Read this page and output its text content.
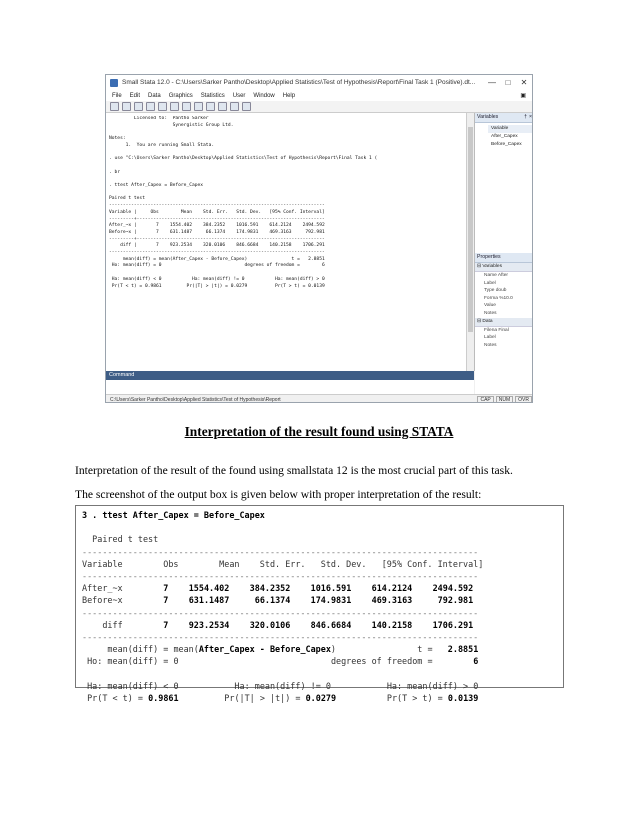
Small Stata 12.0 - C:\Users\Sarker Pantho\Desktop\Applied Statistics\Test of Hypothesis\Report\Final Task 1 (Positive).dt...	—	□	✕
File Edit Data Graphics Statistics User Window Help	▣
Licensed to:  Pantho Sarker
Synergistic Group Ltd.

Notes:
1.  You are running Small Stata.

. use "C:\Users\Sarker Pantho\Desktop\Applied Statistics\Test of Hypothesis\Report\Final Task 1 (

. br

. ttest After_Capex = Before_Capex

Paired t test
------------------------------------------------------------------------------
Variable |     Obs        Mean    Std. Err.   Std. Dev.   [95% Conf. Interval]
---------+--------------------------------------------------------------------
After_~x |       7    1554.402    384.2352    1016.591    614.2124    2494.592
Before~x |       7    631.1487     66.1374    174.9831    469.3163     792.981
---------+--------------------------------------------------------------------
diff |       7    923.2534    320.0106    846.6684    140.2158    1706.291
------------------------------------------------------------------------------
mean(diff) = mean(After_Capex - Before_Capex)                t =   2.8851
Ho: mean(diff) = 0                              degrees of freedom =        6

Ha: mean(diff) < 0           Ha: mean(diff) != 0           Ha: mean(diff) > 0
Pr(T < t) = 0.9861         Pr(|T| > |t|) = 0.0279          Pr(T > t) = 0.0139
Command
Variables	† ×
Variable
After_Capex
Before_Capex
Properties
⊟ Variables
Name After
Label
Type doub
Forma %10.0
Value
Notes
⊟ Data
Filena Final
Label
Notes
C:\Users\Sarker Pantho\Desktop\Applied Statistics\Test of Hypothesis\Report	CAP	NUM	OVR
Interpretation of the result found using STATA
Interpretation of the result of the found using smallstata 12 is the most crucial part of this task.
The screenshot of the output box is given below with proper interpretation of the result:
3 . ttest After_Capex = Before_Capex

Paired t test
------------------------------------------------------------------------------
Variable        Obs        Mean    Std. Err.   Std. Dev.   [95% Conf. Interval]
------------------------------------------------------------------------------
After_~x	7 1554.402 384.2352 1016.591 614.2124 2494.592
Before~x	7 631.1487	66.1374 174.9831 469.3163	792.981
------------------------------------------------------------------------------
diff	7 923.2534 320.0106 846.6684 140.2158 1706.291
------------------------------------------------------------------------------
mean(diff) = mean(After_Capex - Before_Capex)	t = 2.8851
Ho: mean(diff) = 0	degrees of freedom =	6

Ha: mean(diff) < 0	Ha: mean(diff) != 0	Ha: mean(diff) > 0
Pr(T < t) = 0.9861	Pr(|T| > |t|) = 0.0279	Pr(T > t) = 0.0139
